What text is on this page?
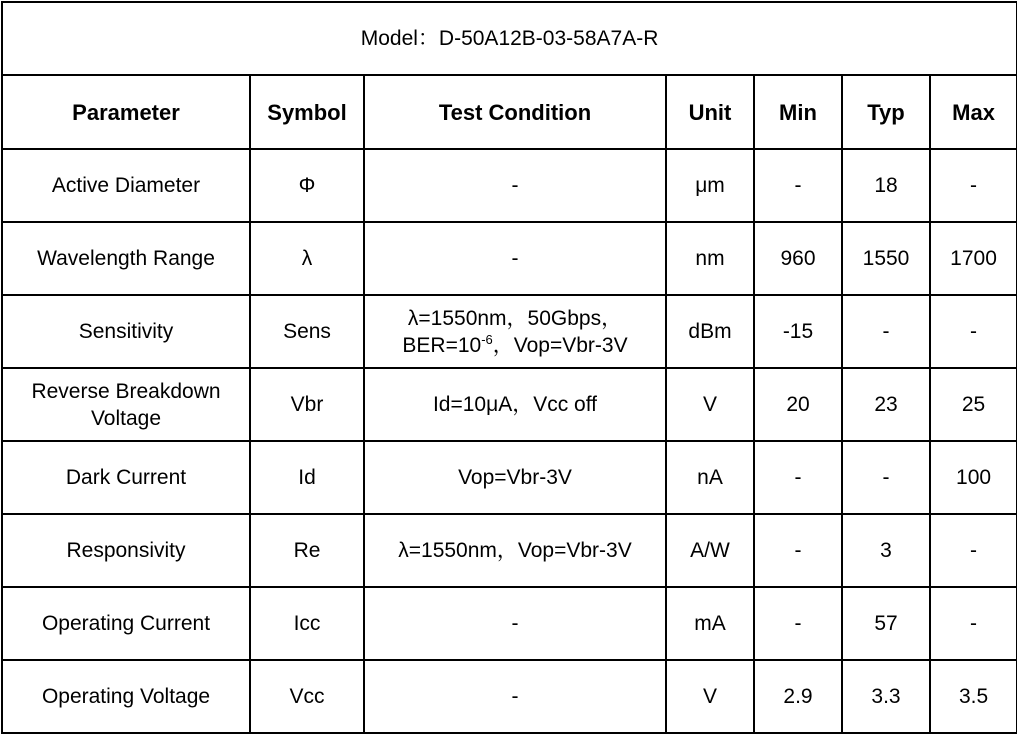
Model：D-50A12B-03-58A7A-R						
Parameter	Symbol	Test Condition	Unit	Min	Typ	Max
Active Diameter	Φ	-	μm	-	18	-
Wavelength Range	λ	-	nm	960	1550	1700
Sensitivity	Sens	λ=1550nm，50Gbps，
$BER=10^{-6}$，Vop=Vbr-3V	dBm	-15	-	-

Reverse Breakdown
Voltage	Vbr	Id=10μA，Vcc off	V	20	23	25
Dark Current	Id	Vop=Vbr-3V	nA	-	-	100
Responsivity	Re	λ=1550nm，Vop=Vbr-3V	A/W	-	3	-
Operating Current	Icc	-	mA	-	57	-
Operating Voltage	Vcc	-	V	2.9	3.3	3.5
